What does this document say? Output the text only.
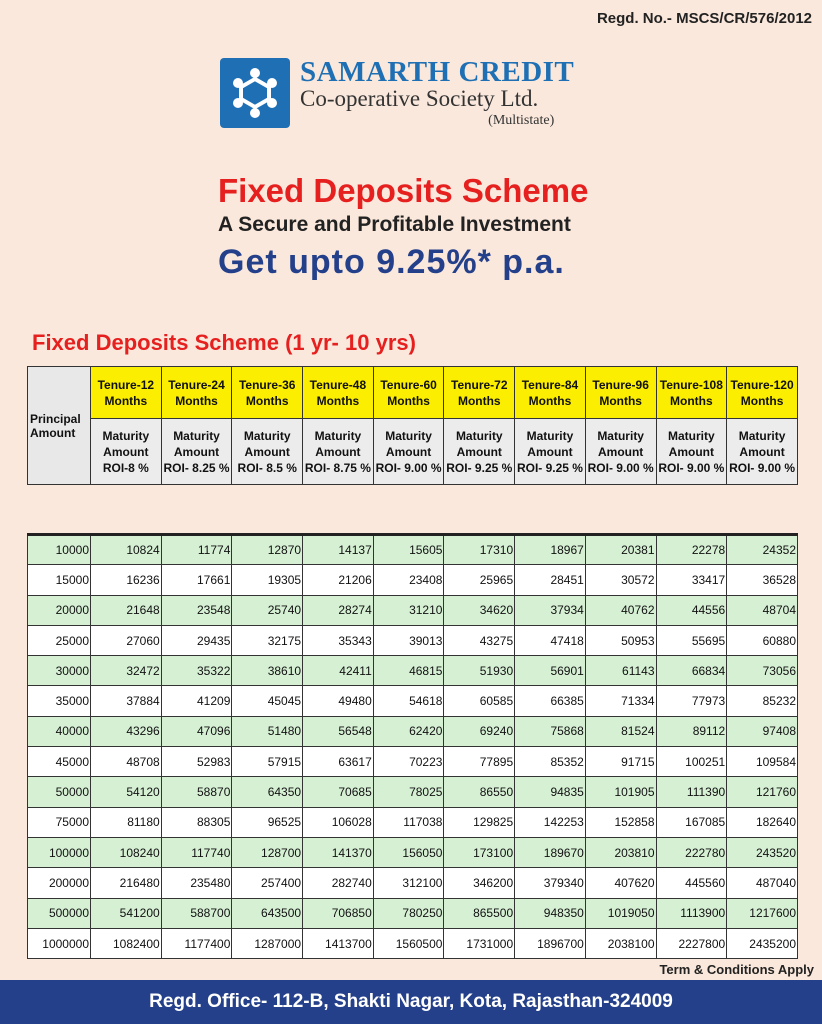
Regd. No.- MSCS/CR/576/2012
SAMARTH CREDIT
Co-operative Society Ltd.
(Multistate)
Fixed Deposits Scheme
A Secure and Profitable Investment
Get upto 9.25%* p.a.
Fixed Deposits Scheme (1 yr- 10 yrs)
Principal Amount	Tenure-12 Months	Tenure-24 Months	Tenure-36 Months	Tenure-48 Months	Tenure-60 Months	Tenure-72 Months	Tenure-84 Months	Tenure-96 Months	Tenure-108 Months	Tenure-120 Months
	Maturity Amount ROI-8 %	Maturity Amount ROI- 8.25 %	Maturity Amount ROI- 8.5 %	Maturity Amount ROI- 8.75 %	Maturity Amount ROI- 9.00 %	Maturity Amount ROI- 9.25 %	Maturity Amount ROI- 9.25 %	Maturity Amount ROI- 9.00 %	Maturity Amount ROI- 9.00 %	Maturity Amount ROI- 9.00 %

10000	10824	11774	12870	14137	15605	17310	18967	20381	22278	24352
15000	16236	17661	19305	21206	23408	25965	28451	30572	33417	36528
20000	21648	23548	25740	28274	31210	34620	37934	40762	44556	48704
25000	27060	29435	32175	35343	39013	43275	47418	50953	55695	60880
30000	32472	35322	38610	42411	46815	51930	56901	61143	66834	73056
35000	37884	41209	45045	49480	54618	60585	66385	71334	77973	85232
40000	43296	47096	51480	56548	62420	69240	75868	81524	89112	97408
45000	48708	52983	57915	63617	70223	77895	85352	91715	100251	109584
50000	54120	58870	64350	70685	78025	86550	94835	101905	111390	121760
75000	81180	88305	96525	106028	117038	129825	142253	152858	167085	182640
100000	108240	117740	128700	141370	156050	173100	189670	203810	222780	243520
200000	216480	235480	257400	282740	312100	346200	379340	407620	445560	487040
500000	541200	588700	643500	706850	780250	865500	948350	1019050	1113900	1217600
1000000	1082400	1177400	1287000	1413700	1560500	1731000	1896700	2038100	2227800	2435200
Term & Conditions Apply
Regd. Office- 112-B, Shakti Nagar, Kota, Rajasthan-324009
